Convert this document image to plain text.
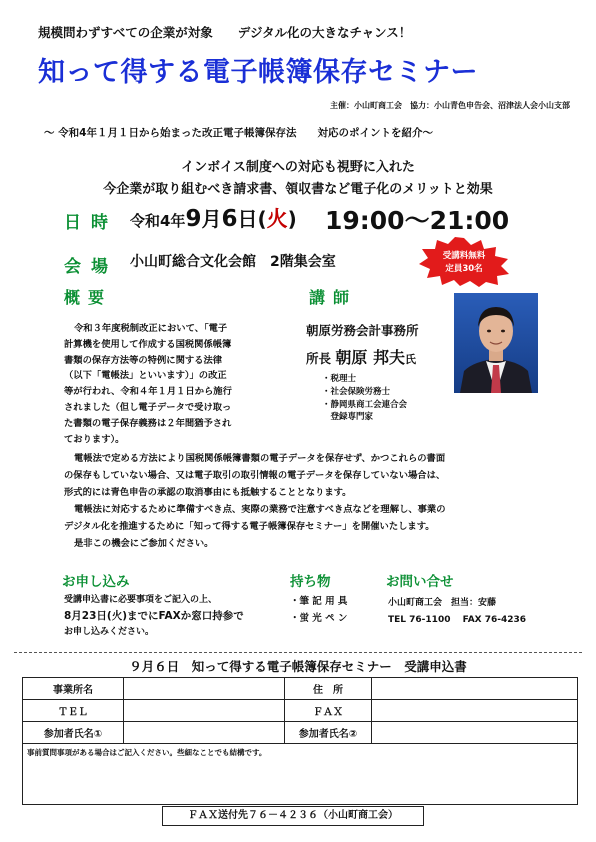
規模問わずすべての企業が対象　　デジタル化の大きなチャンス！
知って得する電子帳簿保存セミナー
主催：小山町商工会　協力：小山青色申告会、沼津法人会小山支部
〜 令和4年１月１日から始まった改正電子帳簿保存法　　対応のポイントを紹介〜
インボイス制度への対応も視野に入れた
今企業が取り組むべき請求書、領収書など電子化のメリットと効果
日時 令和4年9月6日(火) 19:00〜21:00
会場 小山町総合文化会館　2階集会室	受講料無料
定員30名
概要	講師
令和３年度税制改正において、「電子
計算機を使用して作成する国税関係帳簿
書類の保存方法等の特例に関する法律
（以下「電帳法」といいます）」の改正
等が行われ、令和４年１月１日から施行
されました（但し電子データで受け取っ
た書類の電子保存義務は２年間猶予され
ております）。
朝原労務会計事務所
所長 朝原 邦夫氏
・税理士
・社会保険労務士
・静岡県商工会連合会
　登録専門家
電帳法で定める方法により国税関係帳簿書類の電子データを保存せず、かつこれらの書面
の保存もしていない場合、又は電子取引の取引情報の電子データを保存していない場合は、
形式的には青色申告の承認の取消事由にも抵触することとなります。
電帳法に対応するために準備すべき点、実際の業務で注意すべき点などを理解し、事業の
デジタル化を推進するために「知って得する電子帳簿保存セミナー」を開催いたします。
是非この機会にご参加ください。
お申し込み
受講申込書に必要事項をご記入の上、
8月23日(火)までにFAXか窓口持参で
お申し込みください。
持ち物
・筆 記 用 具
・蛍 光 ペ ン
お問い合せ
小山町商工会　担当：安藤
TEL 76-1100　 FAX 76-4236
９月６日　知って得する電子帳簿保存セミナー　受講申込書
事業所名		住　所	
ＴＥＬ		ＦＡＸ	
参加者氏名①		参加者氏名②	
事前質問事項がある場合はご記入ください。些細なことでも結構です。			
ＦＡＸ送付先７６－４２３６（小山町商工会）
